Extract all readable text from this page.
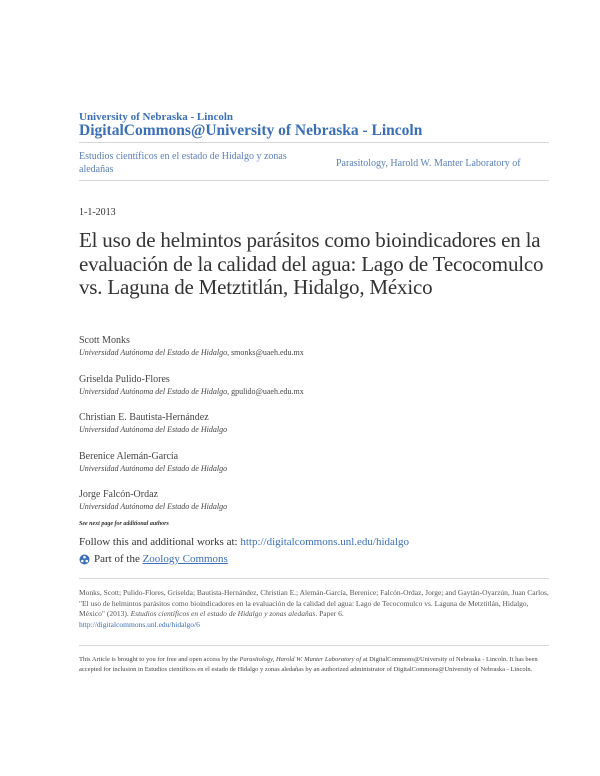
University of Nebraska - Lincoln
DigitalCommons@University of Nebraska - Lincoln
Estudios científicos en el estado de Hidalgo y zonas aledañas
Parasitology, Harold W. Manter Laboratory of
1-1-2013
El uso de helmintos parásitos como bioindicadores en la evaluación de la calidad del agua: Lago de Tecocomulco vs. Laguna de Metztitlán, Hidalgo, México
Scott Monks
Universidad Autónoma del Estado de Hidalgo, smonks@uaeh.edu.mx
Griselda Pulido-Flores
Universidad Autónoma del Estado de Hidalgo, gpulido@uaeh.edu.mx
Christian E. Bautista-Hernández
Universidad Autónoma del Estado de Hidalgo
Berenice Alemán-García
Universidad Autónoma del Estado de Hidalgo
Jorge Falcón-Ordaz
Universidad Autónoma del Estado de Hidalgo
See next page for additional authors
Follow this and additional works at: http://digitalcommons.unl.edu/hidalgo
Part of the Zoology Commons
Monks, Scott; Pulido-Flores, Griselda; Bautista-Hernández, Christian E.; Alemán-García, Berenice; Falcón-Ordaz, Jorge; and Gaytán-Oyarzún, Juan Carlos, "El uso de helmintos parásitos como bioindicadores en la evaluación de la calidad del agua: Lago de Tecocomulco vs. Laguna de Metztitlán, Hidalgo, México" (2013). Estudios científicos en el estado de Hidalgo y zonas aledañas. Paper 6.
http://digitalcommons.unl.edu/hidalgo/6
This Article is brought to you for free and open access by the Parasitology, Harold W. Manter Laboratory of at DigitalCommons@University of Nebraska - Lincoln. It has been accepted for inclusion in Estudios científicos en el estado de Hidalgo y zonas aledañas by an authorized administrator of DigitalCommons@University of Nebraska - Lincoln.
